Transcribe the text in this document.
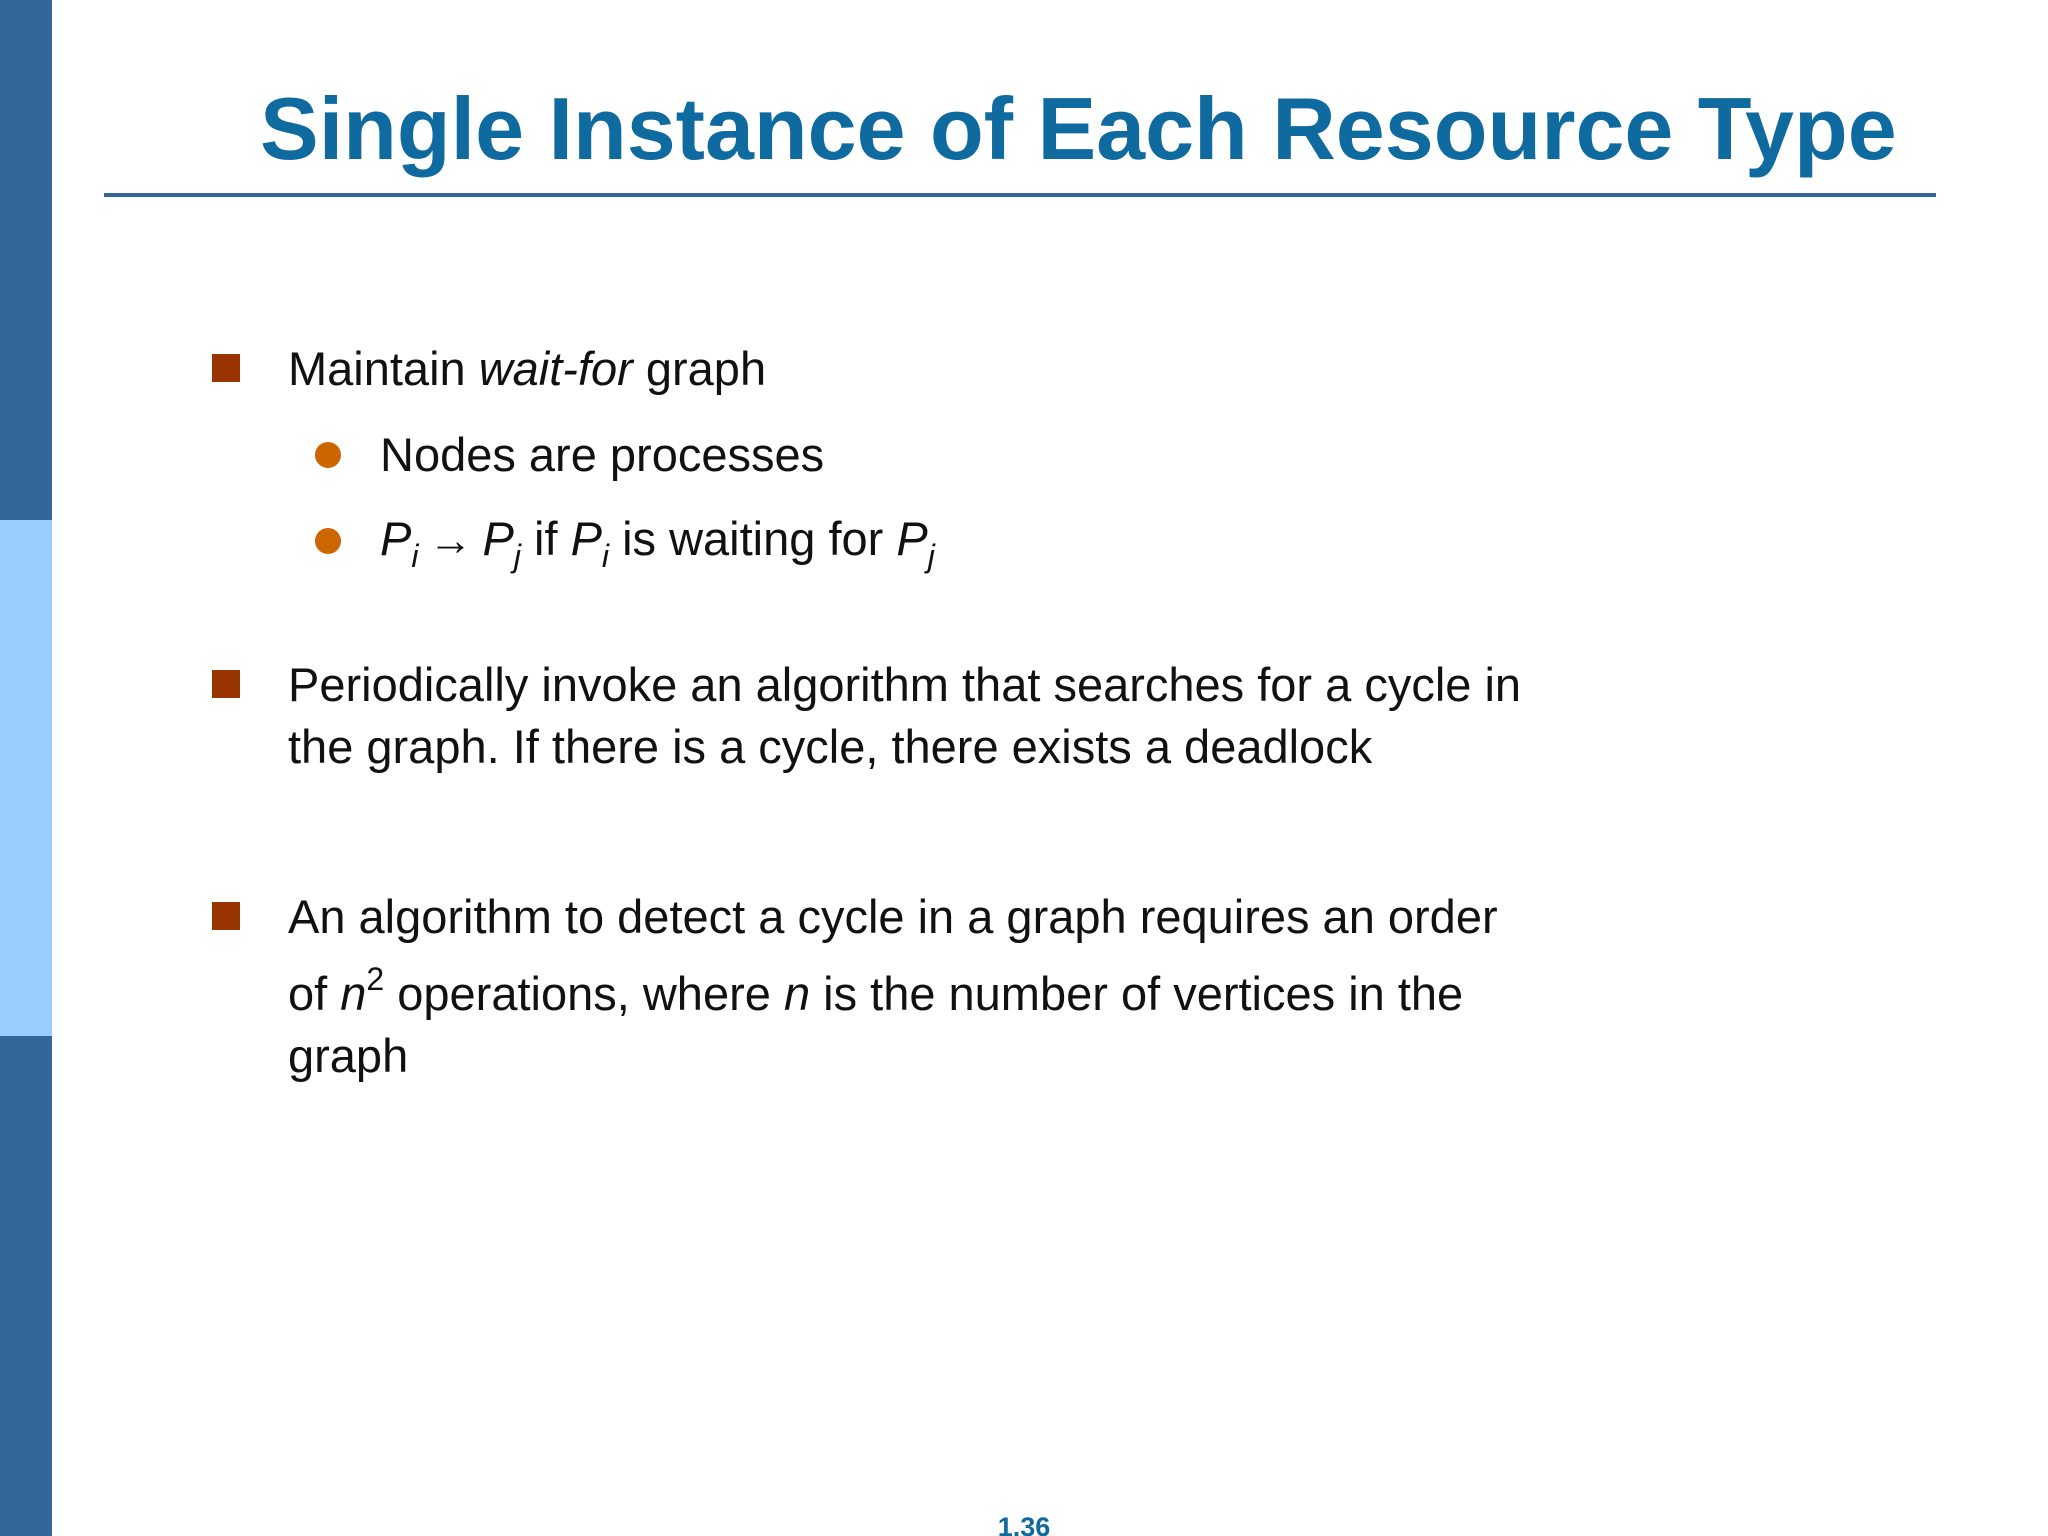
Single Instance of Each Resource Type
Maintain wait-for graph
Nodes are processes
$P_i \to P_j$ if $P_i$ is waiting for $P_j$
Periodically invoke an algorithm that searches for a cycle in
the graph. If there is a cycle, there exists a deadlock
An algorithm to detect a cycle in a graph requires an order
of $n^2$ operations, where n is the number of vertices in the
graph
1.36
